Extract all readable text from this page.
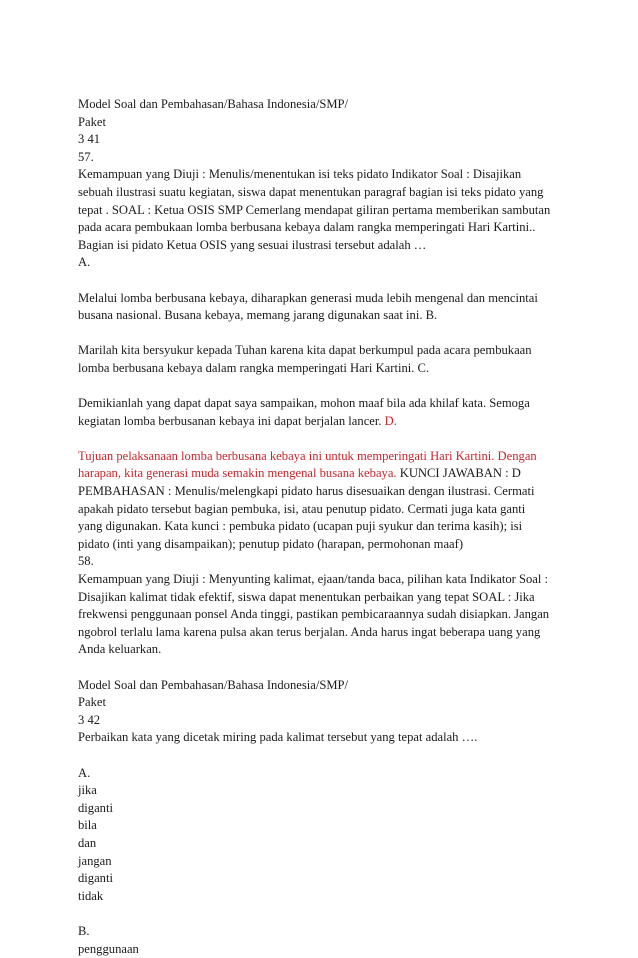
Model Soal dan Pembahasan/Bahasa Indonesia/SMP/
Paket
3 41
57.
Kemampuan yang Diuji : Menulis/menentukan isi teks pidato Indikator Soal : Disajikan
sebuah ilustrasi suatu kegiatan, siswa dapat menentukan paragraf bagian isi teks pidato yang
tepat . SOAL : Ketua OSIS SMP Cemerlang mendapat giliran pertama memberikan sambutan
pada acara pembukaan lomba berbusana kebaya dalam rangka memperingati Hari Kartini..
Bagian isi pidato Ketua OSIS yang sesuai ilustrasi tersebut adalah …
A.
Melalui lomba berbusana kebaya, diharapkan generasi muda lebih mengenal dan mencintai
busana nasional. Busana kebaya, memang jarang digunakan saat ini. B.
Marilah kita bersyukur kepada Tuhan karena kita dapat berkumpul pada acara pembukaan
lomba berbusana kebaya dalam rangka memperingati Hari Kartini. C.
Demikianlah yang dapat dapat saya sampaikan, mohon maaf bila ada khilaf kata. Semoga
kegiatan lomba berbusanan kebaya ini dapat berjalan lancer. D.
Tujuan pelaksanaan lomba berbusana kebaya ini untuk memperingati Hari Kartini. Dengan
harapan, kita generasi muda semakin mengenal busana kebaya. KUNCI JAWABAN : D
PEMBAHASAN : Menulis/melengkapi pidato harus disesuaikan dengan ilustrasi. Cermati
apakah pidato tersebut bagian pembuka, isi, atau penutup pidato. Cermati juga kata ganti
yang digunakan. Kata kunci : pembuka pidato (ucapan puji syukur dan terima kasih); isi
pidato (inti yang disampaikan); penutup pidato (harapan, permohonan maaf)
58.
Kemampuan yang Diuji : Menyunting kalimat, ejaan/tanda baca, pilihan kata Indikator Soal :
Disajikan kalimat tidak efektif, siswa dapat menentukan perbaikan yang tepat SOAL : Jika
frekwensi penggunaan ponsel Anda tinggi, pastikan pembicaraannya sudah disiapkan. Jangan
ngobrol terlalu lama karena pulsa akan terus berjalan. Anda harus ingat beberapa uang yang
Anda keluarkan.
Model Soal dan Pembahasan/Bahasa Indonesia/SMP/
Paket
3 42
Perbaikan kata yang dicetak miring pada kalimat tersebut yang tepat adalah ….
A.
jika
diganti
bila
dan
jangan
diganti
tidak
B.
penggunaan
